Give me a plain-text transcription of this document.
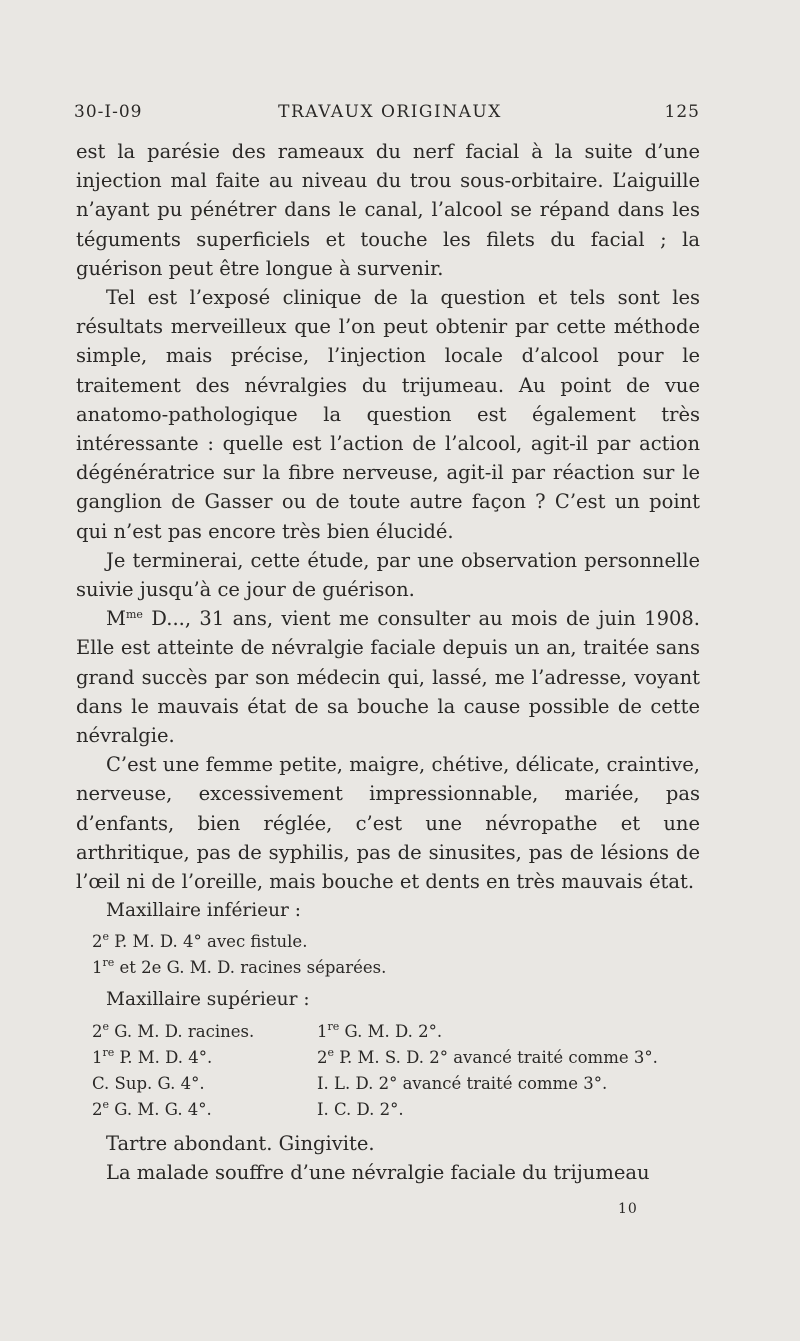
30-I-09	TRAVAUX ORIGINAUX	125

est la parésie des rameaux du nerf facial à la suite d’une injection mal faite au niveau du trou sous-orbitaire. L’aiguille n’ayant pu pénétrer dans le canal, l’alcool se répand dans les téguments superficiels et touche les filets du facial ; la guérison peut être longue à survenir.

Tel est l’exposé clinique de la question et tels sont les résultats merveilleux que l’on peut obtenir par cette méthode simple, mais précise, l’injection locale d’alcool pour le traitement des névralgies du trijumeau. Au point de vue anatomo-pathologique la question est également très intéressante : quelle est l’action de l’alcool, agit-il par action dégénératrice sur la fibre nerveuse, agit-il par réaction sur le ganglion de Gasser ou de toute autre façon ? C’est un point qui n’est pas encore très bien élucidé.

Je terminerai, cette étude, par une observation personnelle suivie jusqu’à ce jour de guérison.

$M^{me}$ D..., 31 ans, vient me consulter au mois de juin 1908. Elle est atteinte de névralgie faciale depuis un an, traitée sans grand succès par son médecin qui, lassé, me l’adresse, voyant dans le mauvais état de sa bouche la cause possible de cette névralgie.

C’est une femme petite, maigre, chétive, délicate, craintive, nerveuse, excessivement impressionnable, mariée, pas d’enfants, bien réglée, c’est une névropathe et une arthritique, pas de syphilis, pas de sinusites, pas de lésions de l’œil ni de l’oreille, mais bouche et dents en très mauvais état.

Maxillaire inférieur :

2e P. M. D. 4° avec fistule.
1re et 2e G. M. D. racines séparées.

Maxillaire supérieur :

2e G. M. D. racines.	1re G. M. D. 2°.
1re P. M. D. 4°.	2e P. M. S. D. 2° avancé traité comme 3°.
C. Sup. G. 4°.	I. L. D. 2° avancé traité comme 3°.
2e G. M. G. 4°.	I. C. D. 2°.

Tartre abondant. Gingivite.

La malade souffre d’une névralgie faciale du trijumeau

10
